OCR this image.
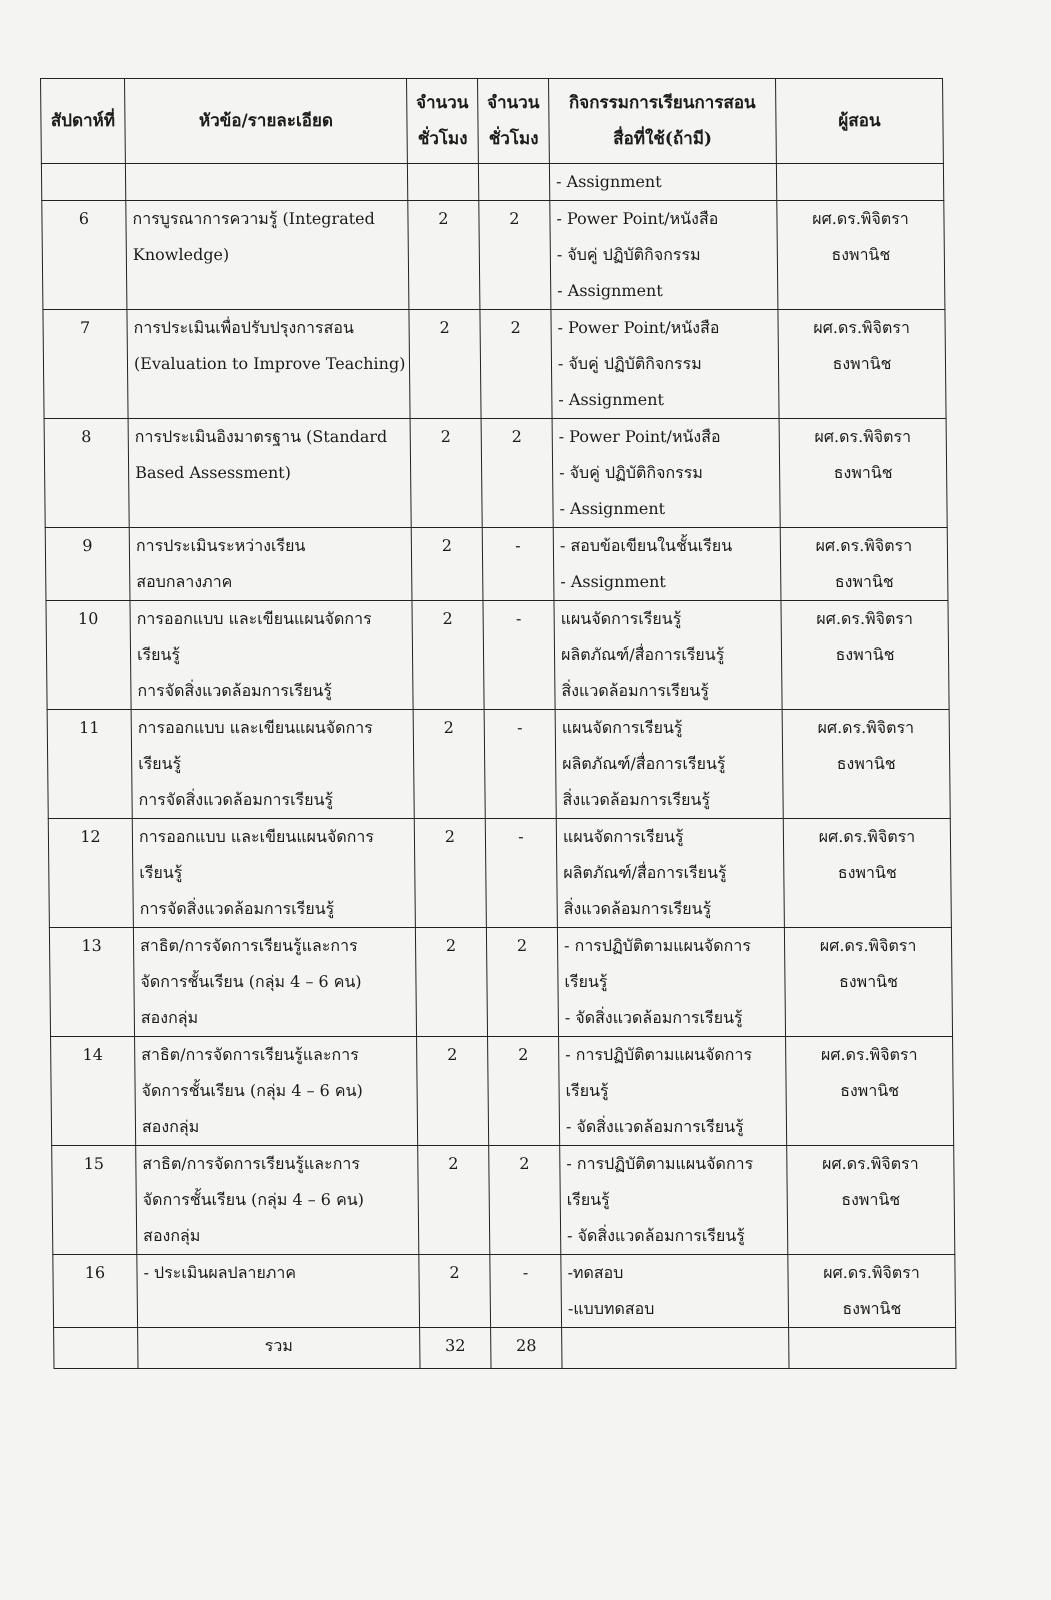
สัปดาห์ที่	หัวข้อ/รายละเอียด	จำนวน
ชั่วโมง	จำนวน
ชั่วโมง	กิจกรรมการเรียนการสอน
สื่อที่ใช้(ถ้ามี)	ผู้สอน

				- Assignment	

6	การบูรณาการความรู้ (Integrated
Knowledge)	2	2	- Power Point/หนังสือ
- จับคู่ ปฏิบัติกิจกรรม
- Assignment	ผศ.ดร.พิจิตรา
ธงพานิช

7	การประเมินเพื่อปรับปรุงการสอน
(Evaluation to Improve Teaching)	2	2	- Power Point/หนังสือ
- จับคู่ ปฏิบัติกิจกรรม
- Assignment	ผศ.ดร.พิจิตรา
ธงพานิช

8	การประเมินอิงมาตรฐาน (Standard
Based Assessment)	2	2	- Power Point/หนังสือ
- จับคู่ ปฏิบัติกิจกรรม
- Assignment	ผศ.ดร.พิจิตรา
ธงพานิช

9	การประเมินระหว่างเรียน
สอบกลางภาค	2	-	- สอบข้อเขียนในชั้นเรียน
- Assignment	ผศ.ดร.พิจิตรา
ธงพานิช

10	การออกแบบ และเขียนแผนจัดการ
เรียนรู้
การจัดสิ่งแวดล้อมการเรียนรู้	2	-	แผนจัดการเรียนรู้
ผลิตภัณฑ์/สื่อการเรียนรู้
สิ่งแวดล้อมการเรียนรู้	ผศ.ดร.พิจิตรา
ธงพานิช

11	การออกแบบ และเขียนแผนจัดการ
เรียนรู้
การจัดสิ่งแวดล้อมการเรียนรู้	2	-	แผนจัดการเรียนรู้
ผลิตภัณฑ์/สื่อการเรียนรู้
สิ่งแวดล้อมการเรียนรู้	ผศ.ดร.พิจิตรา
ธงพานิช

12	การออกแบบ และเขียนแผนจัดการ
เรียนรู้
การจัดสิ่งแวดล้อมการเรียนรู้	2	-	แผนจัดการเรียนรู้
ผลิตภัณฑ์/สื่อการเรียนรู้
สิ่งแวดล้อมการเรียนรู้	ผศ.ดร.พิจิตรา
ธงพานิช

13	สาธิต/การจัดการเรียนรู้และการ
จัดการชั้นเรียน (กลุ่ม 4 – 6 คน)
สองกลุ่ม	2	2	- การปฏิบัติตามแผนจัดการ
เรียนรู้
- จัดสิ่งแวดล้อมการเรียนรู้	ผศ.ดร.พิจิตรา
ธงพานิช

14	สาธิต/การจัดการเรียนรู้และการ
จัดการชั้นเรียน (กลุ่ม 4 – 6 คน)
สองกลุ่ม	2	2	- การปฏิบัติตามแผนจัดการ
เรียนรู้
- จัดสิ่งแวดล้อมการเรียนรู้	ผศ.ดร.พิจิตรา
ธงพานิช

15	สาธิต/การจัดการเรียนรู้และการ
จัดการชั้นเรียน (กลุ่ม 4 – 6 คน)
สองกลุ่ม	2	2	- การปฏิบัติตามแผนจัดการ
เรียนรู้
- จัดสิ่งแวดล้อมการเรียนรู้	ผศ.ดร.พิจิตรา
ธงพานิช

16	- ประเมินผลปลายภาค	2	-	-ทดสอบ
-แบบทดสอบ	ผศ.ดร.พิจิตรา
ธงพานิช

	รวม	32	28		
